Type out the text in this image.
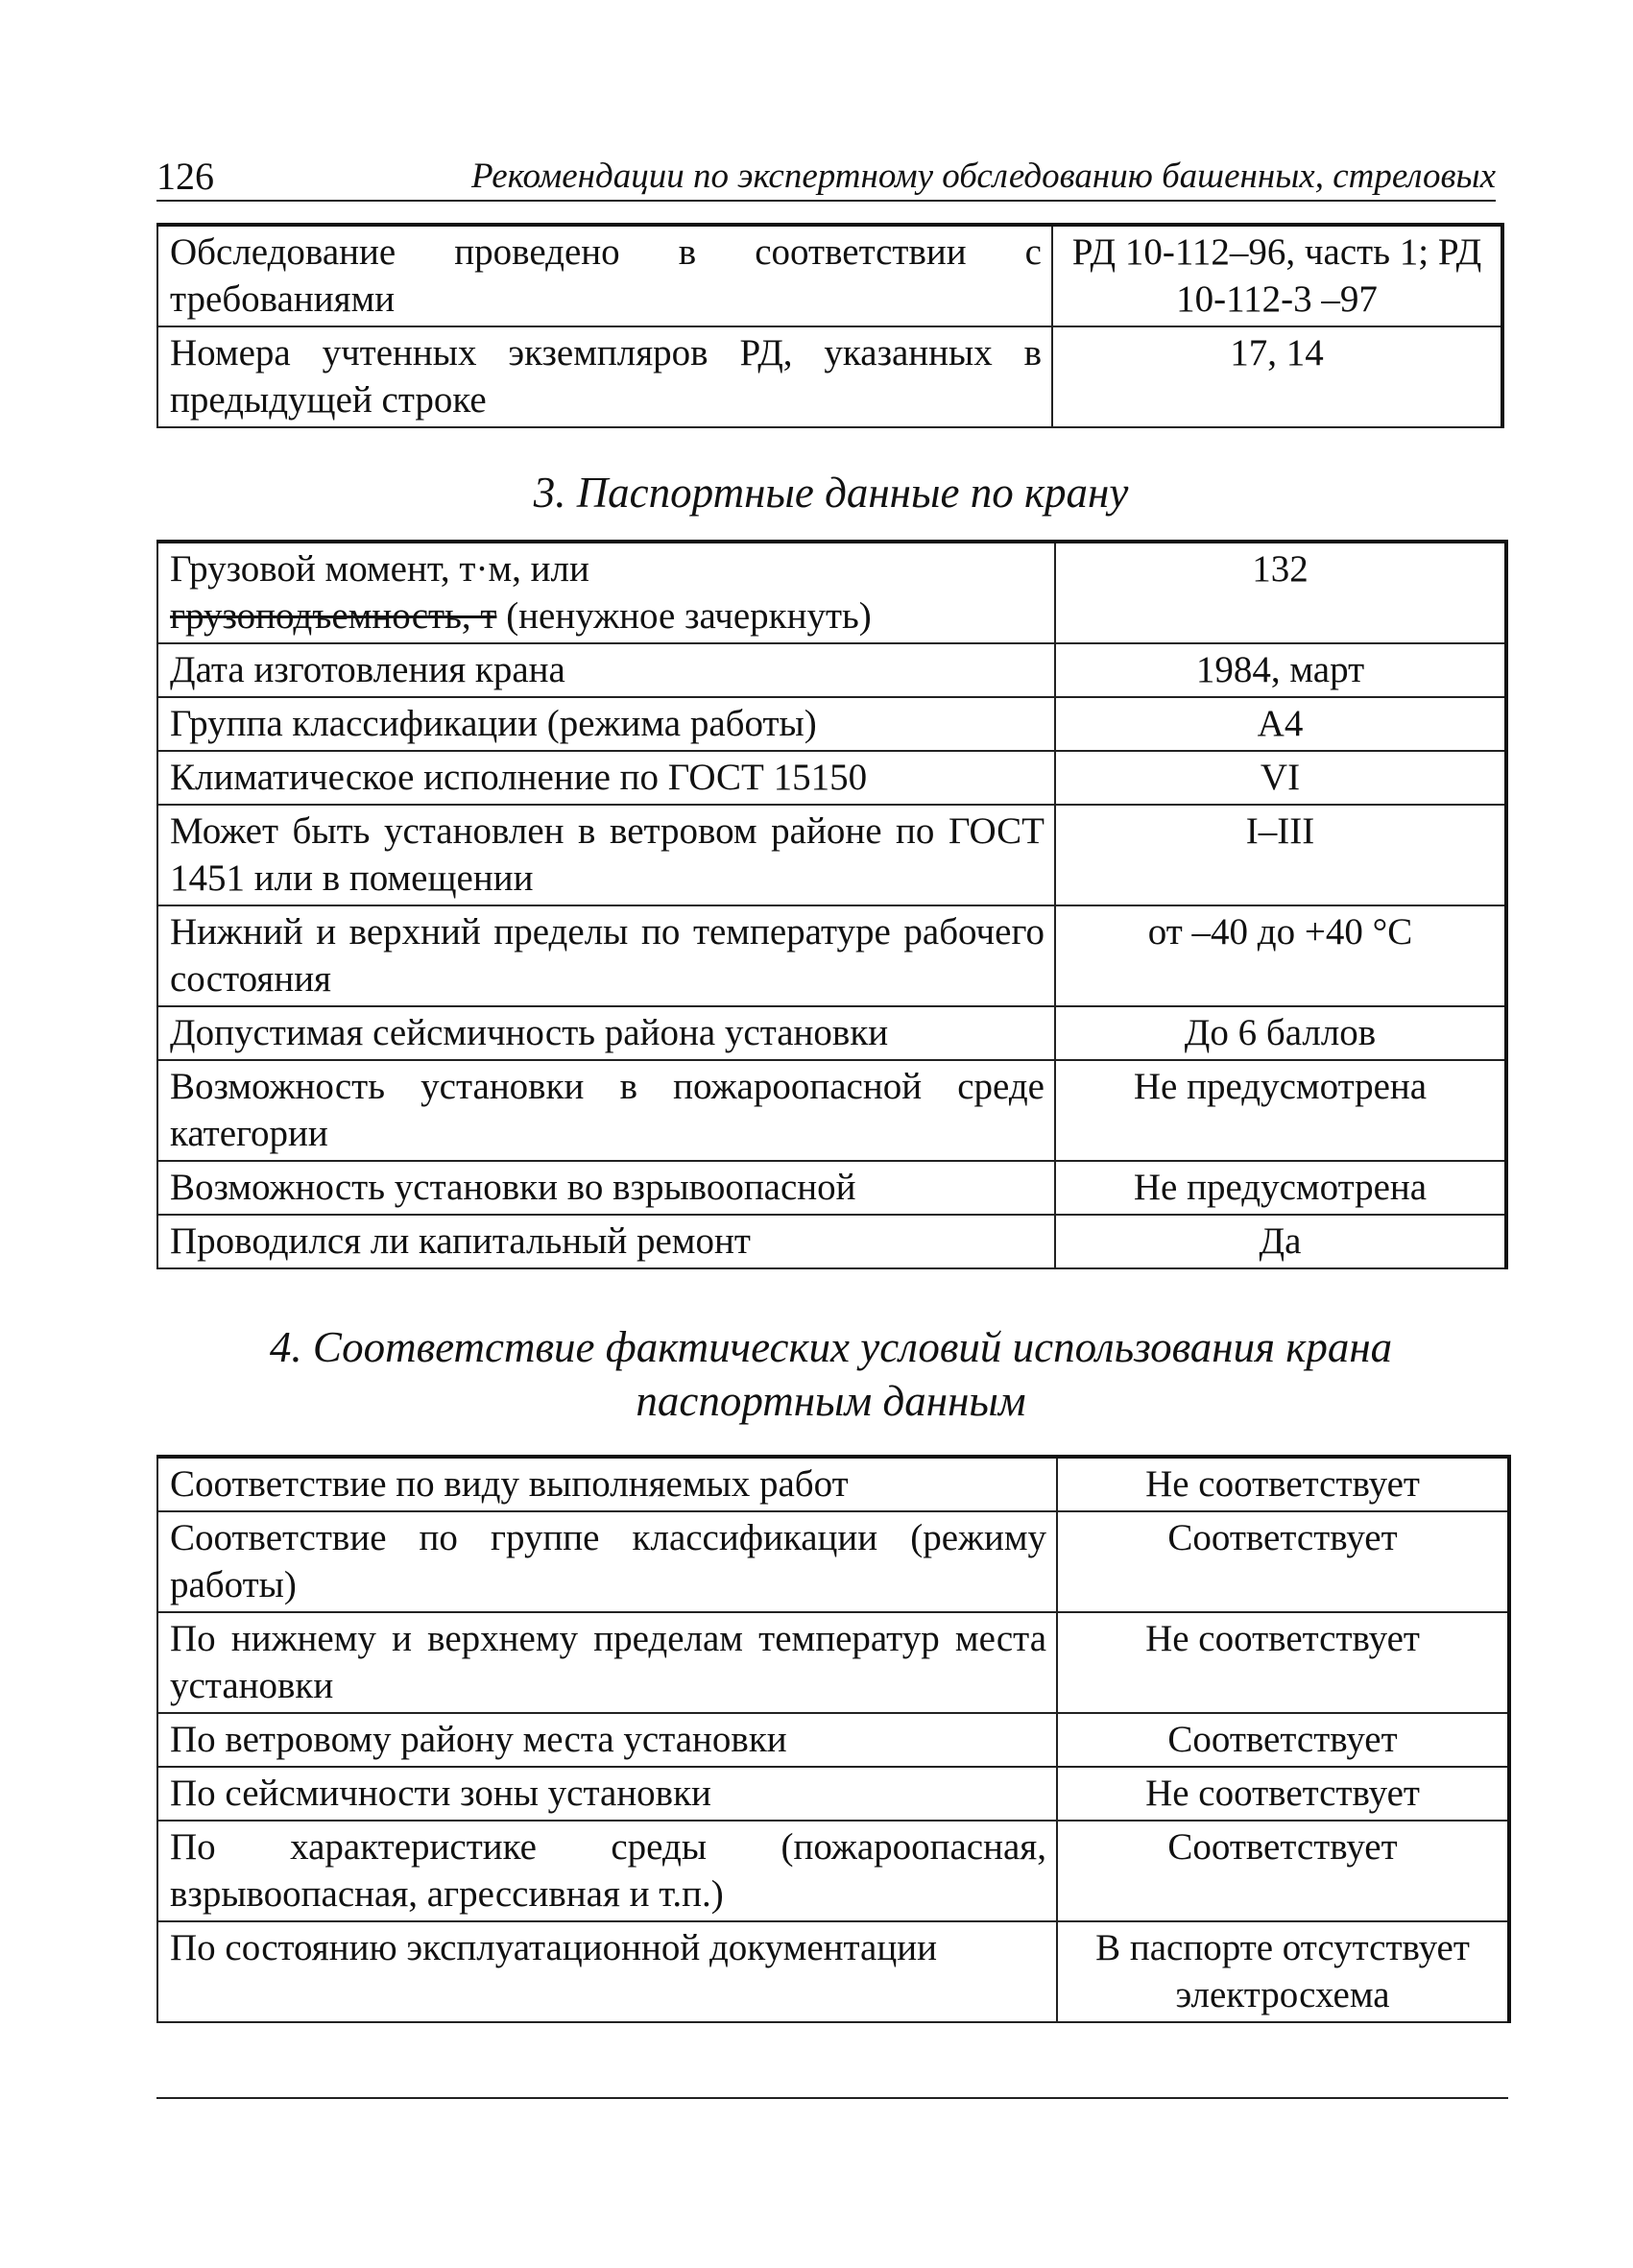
126	Рекомендации по экспертному обследованию башенных, стреловых
Обследование проведено в соответствии с требованиями	РД 10-112–96, часть 1; РД 10-112-3 –97
Номера учтенных экземпляров РД, указанных в предыдущей строке	17, 14
3. Паспортные данные по крану
Грузовой момент, т·м, или
грузоподъемность, т (ненужное зачеркнуть)	132
Дата изготовления крана	1984, март
Группа классификации (режима работы)	А4
Климатическое исполнение по ГОСТ 15150	VI
Может быть установлен в ветровом районе по ГОСТ 1451 или в помещении	I–III
Нижний и верхний пределы по температуре рабочего состояния	от –40 до +40 °С
Допустимая сейсмичность района установки	До 6 баллов
Возможность установки в пожароопасной среде категории	Не предусмотрена
Возможность установки во взрывоопасной	Не предусмотрена
Проводился ли капитальный ремонт	Да
4. Соответствие фактических условий использования крана
паспортным данным
Соответствие по виду выполняемых работ	Не соответствует
Соответствие по группе классификации (режиму работы)	Соответствует
По нижнему и верхнему пределам температур места установки	Не соответствует
По ветровому району места установки	Соответствует
По сейсмичности зоны установки	Не соответствует
По характеристике среды (пожароопасная, взрывоопасная, агрессивная и т.п.)	Соответствует
По состоянию эксплуатационной документации	В паспорте отсутствует электросхема
